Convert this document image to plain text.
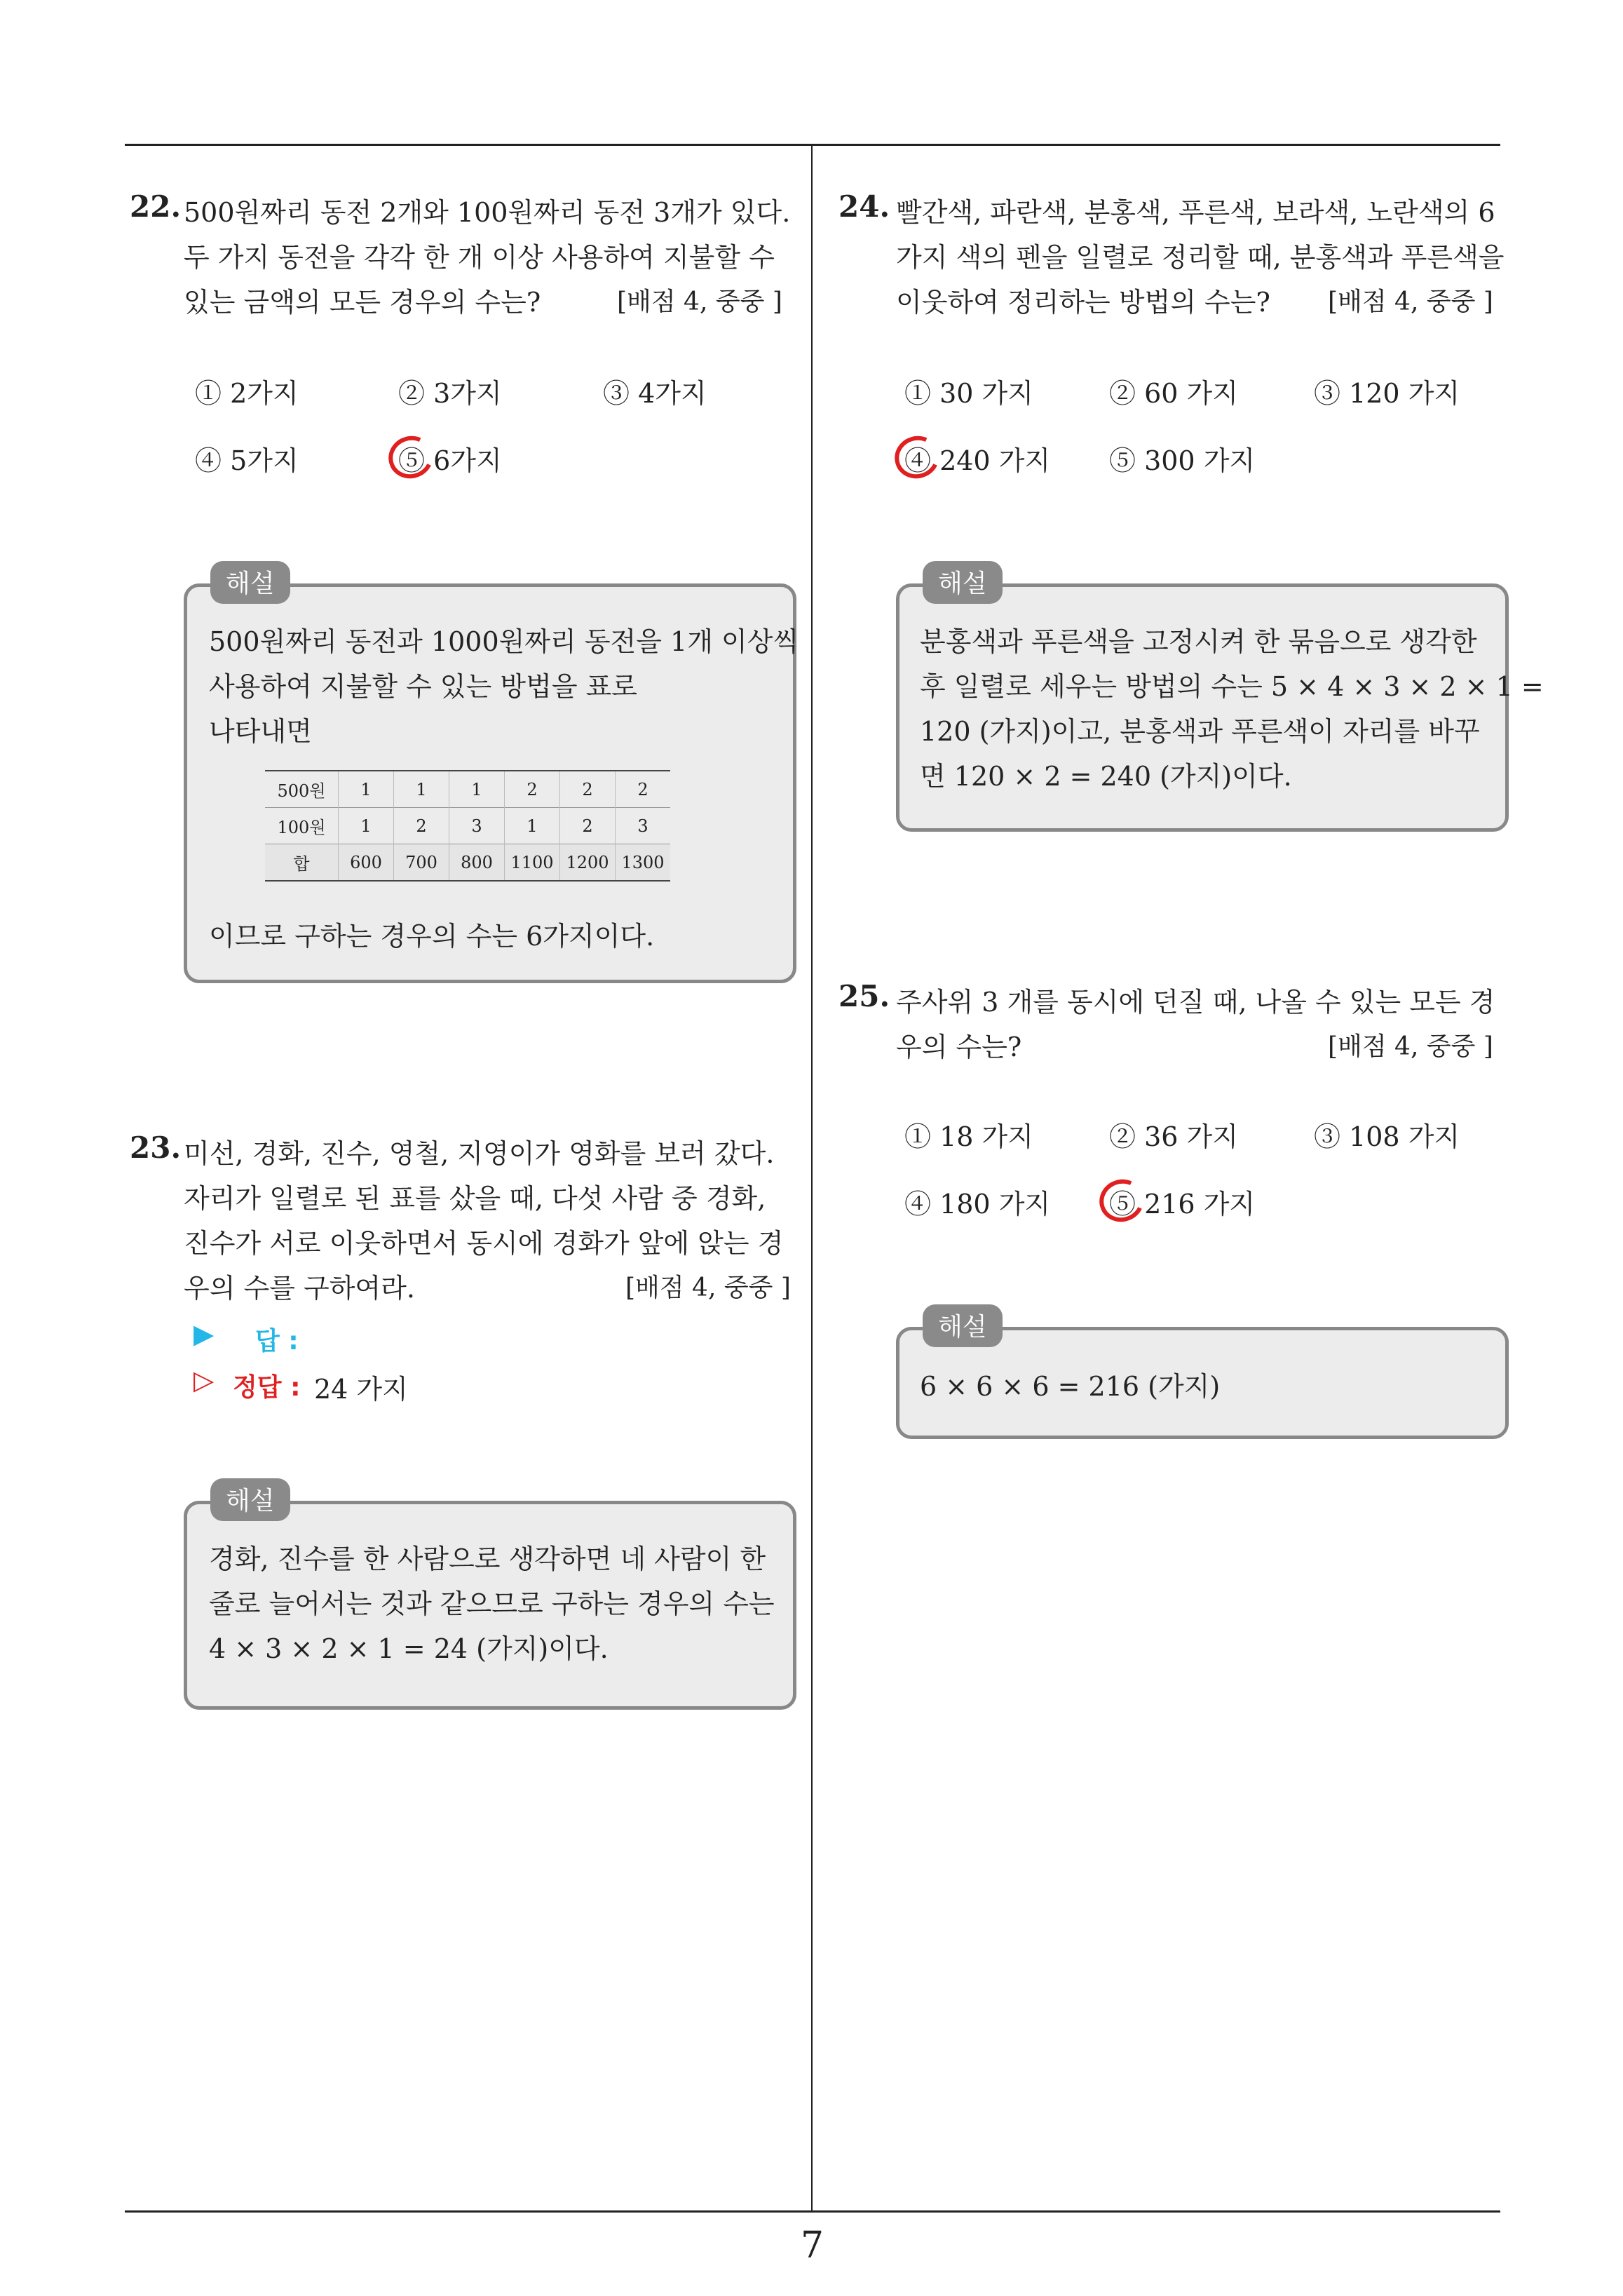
22. 500원짜리 동전 2개와 100원짜리 동전 3개가 있다.
두 가지 동전을 각각 한 개 이상 사용하여 지불할 수
있는 금액의 모든 경우의 수는?	[배점 4, 중중 ]
① 2가지	② 3가지	③ 4가지
④ 5가지	⑤ 6가지
해설
500원짜리 동전과 1000원짜리 동전을 1개 이상씩
사용하여 지불할 수 있는 방법을 표로
나타내면
500원	1	1	1	2	2	2
100원	1	2	3	1	2	3
합	600	700	800	1100	1200	1300
이므로 구하는 경우의 수는 6가지이다.
23. 미선, 경화, 진수, 영철, 지영이가 영화를 보러 갔다.
자리가 일렬로 된 표를 샀을 때, 다섯 사람 중 경화,
진수가 서로 이웃하면서 동시에 경화가 앞에 앉는 경
우의 수를 구하여라.	[배점 4, 중중 ]
▶ 답 :
▷ 정답 : 24 가지
해설
경화, 진수를 한 사람으로 생각하면 네 사람이 한
줄로 늘어서는 것과 같으므로 구하는 경우의 수는
4 × 3 × 2 × 1 = 24 (가지)이다.
24. 빨간색, 파란색, 분홍색, 푸른색, 보라색, 노란색의 6
가지 색의 펜을 일렬로 정리할 때, 분홍색과 푸른색을
이웃하여 정리하는 방법의 수는? [배점 4, 중중 ]
① 30 가지	② 60 가지	③ 120 가지
④ 240 가지 ⑤ 300 가지
해설
분홍색과 푸른색을 고정시켜 한 묶음으로 생각한
후 일렬로 세우는 방법의 수는 5 × 4 × 3 × 2 × 1 =
120 (가지)이고, 분홍색과 푸른색이 자리를 바꾸
면 120 × 2 = 240 (가지)이다.
25. 주사위 3 개를 동시에 던질 때, 나올 수 있는 모든 경
우의 수는?	[배점 4, 중중 ]
① 18 가지	② 36 가지	③ 108 가지
④ 180 가지 ⑤ 216 가지
해설
6 × 6 × 6 = 216 (가지)
7
